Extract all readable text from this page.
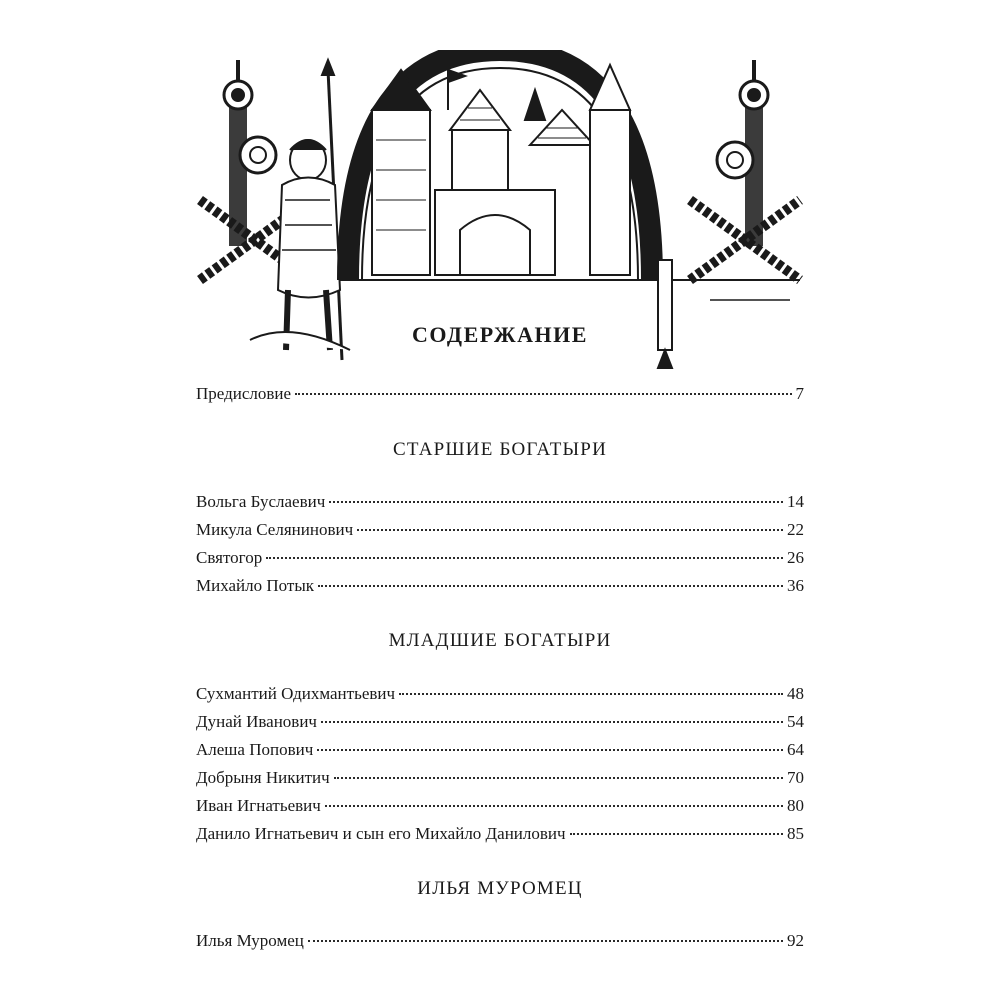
СОДЕРЖАНИЕ
Предисловие	7
СТАРШИЕ БОГАТЫРИ
Вольга Буслаевич	14
Микула Селянинович	22
Святогор	26
Михайло Потык	36
МЛАДШИЕ БОГАТЫРИ
Сухмантий Одихмантьевич	48
Дунай Иванович	54
Алеша Попович	64
Добрыня Никитич	70
Иван Игнатьевич	80
Данило Игнатьевич и сын его Михайло Данилович	85
ИЛЬЯ МУРОМЕЦ
Илья Муромец	92
